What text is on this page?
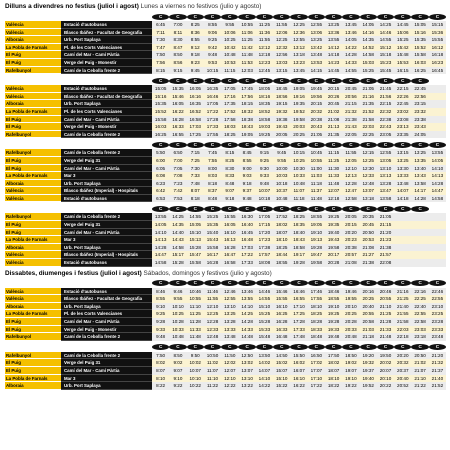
Dilluns a divendres no festius (juliol i agost) Lunes a viernes no festivos (julio y agosto)
C	C	C	C	C	C	C	C	C	C	C	C	C	C	C	C	C
València	Estació d'autobusos	6:45	7:00	8:25	8:55	9:55	10:55	11:25	11:55	12:25	12:55	13:25	13:45	14:05	14:25	14:45	15:05	15:15
València	Blasco Ibáñez - Facultat de Geografia	7:11	8:11	8:36	9:06	10:06	11:06	11:36	12:06	12:36	13:06	13:36	13:46	14:16	14:46	15:06	15:16	15:36
Alboraia	Urb. Port Saplaya	7:30	8:30	8:55	9:25	10:25	11:25	11:55	12:25	12:55	13:25	13:55	14:05	14:35	14:55	15:25	15:35	15:55
La Pobla de Farnals	Pl. de les Corts Valencianes	7:47	8:47	9:12	9:42	10:42	11:42	12:12	12:32	13:12	13:42	14:12	14:22	14:52	15:12	15:42	15:52	16:12
El Puig	Camí del Mar - Camí Pàrtia	7:50	8:50	9:18	9:48	10:48	11:48	12:18	12:56	13:18	13:48	14:18	14:28	14:58	15:18	15:48	15:58	16:18
El Puig	Verge del Puig - Monestir	7:56	8:56	9:23	9:53	10:53	11:53	12:23	13:03	13:23	13:53	14:23	14:33	15:03	15:23	15:53	16:03	16:23
Rafelbunyol	Camí de la Cebolla frente 2	8:15	9:15	9:45	10:15	11:15	12:03	12:45	13:15	13:45	14:15	14:45	14:55	15:25	15:45	16:15	16:25	16:45
C	C	C	C	C	C	C	C	C	C	C	C	C	C	C	C
València	Estació d'autobusos	15:05	15:35	16:05	16:35	17:05	17:45	18:05	18:45	19:05	19:45	20:15	20:45	21:05	21:45	22:15	22:45
València	Blasco Ibáñez - Facultat de Geografia	15:16	15:46	16:16	16:46	17:16	17:56	18:16	18:56	19:16	19:56	20:26	20:56	21:16	21:56	22:26	22:56
Alboraia	Urb. Port Saplaya	15:35	16:05	16:35	17:05	17:35	18:15	18:35	19:15	19:35	20:15	20:45	21:15	21:35	22:15	22:45	23:15
La Pobla de Farnals	Pl. de les Corts Valencianes	15:52	16:22	16:52	17:22	17:52	18:32	18:52	19:32	19:52	20:32	21:02	21:32	21:52	22:32	23:02	23:32
El Puig	Camí del Mar - Camí Pàrtia	15:58	16:28	16:58	17:28	17:58	18:38	18:58	19:38	19:58	20:38	21:08	21:38	21:58	22:38	23:08	23:38
El Puig	Verge del Puig - Monestir	16:03	16:33	17:03	17:33	18:03	18:43	19:03	19:43	20:03	20:43	21:13	21:43	22:03	22:43	23:13	23:43
Rafelbunyol	Camí de la Cebolla frente 2	16:25	16:55	17:25	17:55	18:25	19:05	19:25	20:05	20:25	21:05	21:35	22:05	22:25	23:05	23:35	24:05
C	C	C	C	C	C	C	C	C	C	C	C	C	C	C	C	C
Rafelbunyol	Camí de la Cebolla frente 2	5:50	6:50	7:15	7:45	8:15	8:45	9:15	9:45	10:15	10:45	11:15	11:55	12:15	12:55	13:15	13:25	13:55
El Puig	Verge del Puig 31	6:00	7:00	7:25	7:55	8:25	8:55	9:25	9:55	10:25	10:55	11:25	12:05	12:25	13:05	13:25	13:35	14:05
El Puig	Camí del Mar - Camí Pàrtia	6:05	7:05	7:30	8:00	8:30	9:00	9:30	10:00	10:30	11:00	11:30	12:10	12:30	13:10	13:30	13:40	14:10
La Pobla de Farnals	Mar 3	6:08	7:08	7:33	8:03	8:33	9:03	9:33	10:03	10:33	11:03	11:33	12:13	12:33	13:13	13:33	13:43	14:13
Alboraia	Urb. Port Saplaya	6:23	7:23	7:48	8:18	8:48	9:18	9:48	10:18	10:48	11:18	11:48	12:28	12:48	13:28	13:48	13:58	14:28
València	Blasco Ibáñez (Imperial) - Hospitals	6:42	7:42	8:07	8:37	9:07	9:37	10:07	10:37	11:07	11:37	12:07	12:47	13:07	13:47	14:07	14:17	14:47
València	Estació d'autobusos	6:53	7:53	8:18	8:48	9:18	9:48	10:18	10:48	11:18	11:48	12:18	12:58	13:18	13:58	14:18	14:28	14:58
C	C	C	C	C	C	C	C	C	C	C	C	C	C	C	C
Rafelbunyol	Camí de la Cebolla frente 2	13:55	14:25	14:55	15:25	15:55	16:30	17:05	17:52	18:25	18:55	19:25	20:05	20:35	21:05
El Puig	Verge del Puig 31	14:05	14:35	15:05	15:35	16:05	16:40	17:15	18:02	18:35	19:05	19:35	20:15	20:45	21:15
El Puig	Camí del Mar - Camí Pàrtia	14:10	14:40	15:10	15:40	16:10	16:45	17:20	18:07	18:40	19:10	19:40	20:20	20:50	21:20
La Pobla de Farnals	Mar 3	14:13	14:43	15:13	15:43	16:13	16:48	17:23	18:10	18:43	19:13	19:43	20:23	20:53	21:23
Alboraia	Urb. Port Saplaya	14:28	14:58	15:28	15:58	16:28	17:03	17:38	18:25	18:58	19:28	19:58	20:38	21:08	21:38
València	Blasco Ibáñez (Imperial) - Hospitals	14:47	15:17	15:47	16:17	16:47	17:22	17:57	18:44	19:17	19:47	20:17	20:57	21:27	21:57
València	Estació d'autobusos	14:58	15:28	15:58	16:28	16:58	17:33	18:08	18:55	19:28	19:58	20:28	21:08	21:38	22:08
Dissabtes, diumenges i festius (juliol i agost) Sábados, domingos y festivos (julio y agosto)
C	C	C	C	C	C	C	C	C	C	C	C	C	C	C	C	C
València	Estació d'autobusos	8:46	9:46	10:46	11:46	12:46	13:46	14:46	15:46	16:46	17:46	18:46	19:46	20:16	20:46	21:16	22:16	22:46
València	Blasco Ibáñez - Facultat de Geografia	8:55	9:55	10:55	11:55	12:55	13:55	14:55	15:55	16:55	17:55	18:55	19:55	20:25	20:55	21:25	22:25	22:55
Alboraia	Urb. Port Saplaya	9:10	10:10	11:10	12:10	13:10	14:10	15:10	16:10	17:10	18:10	19:10	20:10	20:40	21:10	21:40	22:40	23:10
La Pobla de Farnals	Pl. de les Corts Valencianes	9:25	10:25	11:25	12:25	13:25	14:25	15:25	16:25	17:25	18:25	19:25	20:25	20:55	21:25	21:55	22:55	23:25
El Puig	Camí del Mar - Camí Pàrtia	9:28	10:28	11:28	12:28	13:28	14:28	15:28	16:28	17:28	18:28	19:28	20:28	20:58	21:28	21:58	22:58	23:28
El Puig	Verge del Puig - Monestir	9:33	10:33	11:33	12:33	13:33	14:33	15:33	16:33	17:33	18:33	19:33	20:33	21:03	21:33	22:03	23:03	23:33
Rafelbunyol	Camí de la Cebolla frente 2	9:48	10:48	11:48	12:48	13:48	14:48	15:48	16:48	17:48	18:48	19:48	20:48	21:18	21:48	22:18	23:18	23:48
C	C	C	C	C	C	C	C	C	C	C	C	C	C	C	C	C
Rafelbunyol	Camí de la Cebolla frente 2	7:50	8:50	9:50	10:50	11:50	12:50	13:50	14:50	15:50	16:50	17:50	18:50	19:20	19:50	20:20	20:50	21:20
El Puig	Verge del Puig 31	8:02	9:02	10:02	11:02	12:02	13:02	14:02	15:02	16:02	17:02	18:02	19:02	19:32	20:02	20:32	21:02	21:32
El Puig	Camí del Mar - Camí Pàrtia	8:07	9:07	10:07	11:07	12:07	13:07	14:07	15:07	16:07	17:07	18:07	19:07	19:37	20:07	20:37	21:07	21:37
La Pobla de Farnals	Mar 3	8:10	9:10	10:10	11:10	12:10	13:10	14:10	15:10	16:10	17:10	18:10	19:10	19:40	20:10	20:40	21:10	21:40
Alboraia	Urb. Port Saplaya	8:22	9:22	10:22	11:22	12:22	13:22	14:22	15:22	16:22	17:22	18:22	19:22	19:52	20:22	20:52	21:22	21:52
